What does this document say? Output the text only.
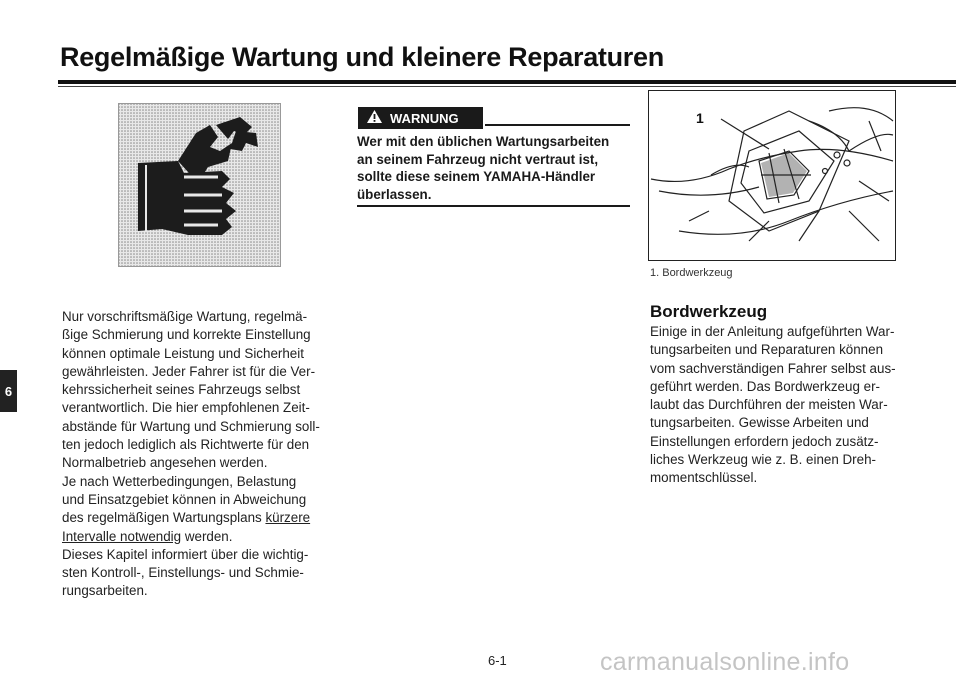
Regelmäßige Wartung und kleinere Reparaturen
6
Nur vorschriftsmäßige Wartung, regelmä-
ßige Schmierung und korrekte Einstellung
können optimale Leistung und Sicherheit
gewährleisten. Jeder Fahrer ist für die Ver-
kehrssicherheit seines Fahrzeugs selbst
verantwortlich. Die hier empfohlenen Zeit-
abstände für Wartung und Schmierung soll-
ten jedoch lediglich als Richtwerte für den
Normalbetrieb angesehen werden.
Je nach Wetterbedingungen, Belastung
und Einsatzgebiet können in Abweichung
des regelmäßigen Wartungsplans kürzere
Intervalle notwendig werden.
Dieses Kapitel informiert über die wichtig-
sten Kontroll-, Einstellungs- und Schmie-
rungsarbeiten.
WARNUNG
Wer mit den üblichen Wartungsarbeiten
an seinem Fahrzeug nicht vertraut ist,
sollte diese seinem YAMAHA-Händler
überlassen.
1
1. Bordwerkzeug
Bordwerkzeug
Einige in der Anleitung aufgeführten War-
tungsarbeiten und Reparaturen können
vom sachverständigen Fahrer selbst aus-
geführt werden. Das Bordwerkzeug er-
laubt das Durchführen der meisten War-
tungsarbeiten. Gewisse Arbeiten und
Einstellungen erfordern jedoch zusätz-
liches Werkzeug wie z. B. einen Dreh-
momentschlüssel.
6-1	carmanualsonline.info
